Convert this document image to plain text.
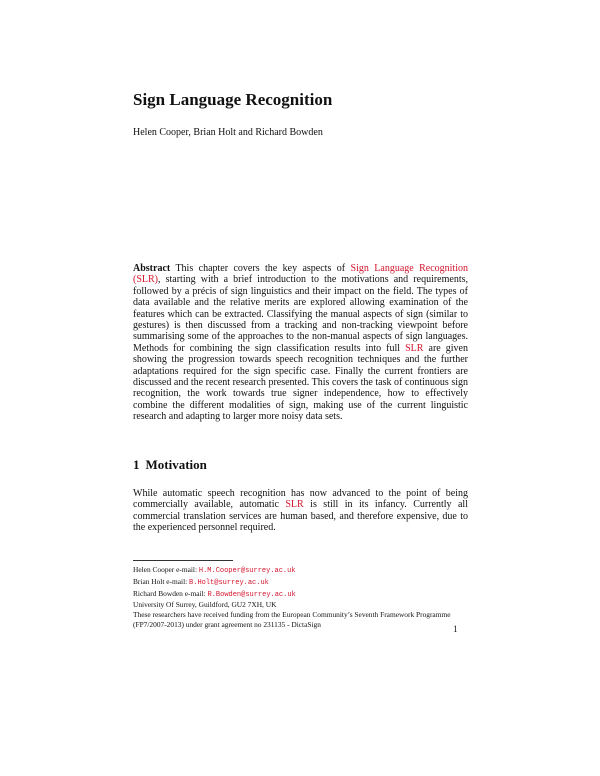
Sign Language Recognition
Helen Cooper, Brian Holt and Richard Bowden
Abstract This chapter covers the key aspects of Sign Language Recognition (SLR), starting with a brief introduction to the motivations and requirements, followed by a précis of sign linguistics and their impact on the field. The types of data available and the relative merits are explored allowing examination of the features which can be extracted. Classifying the manual aspects of sign (similar to gestures) is then discussed from a tracking and non-tracking viewpoint before summarising some of the approaches to the non-manual aspects of sign languages. Methods for combining the sign classification results into full SLR are given showing the progression towards speech recognition techniques and the further adaptations required for the sign specific case. Finally the current frontiers are discussed and the recent research presented. This covers the task of continuous sign recognition, the work towards true signer independence, how to effectively combine the different modalities of sign, making use of the current linguistic research and adapting to larger more noisy data sets.
1 Motivation
While automatic speech recognition has now advanced to the point of being commercially available, automatic SLR is still in its infancy. Currently all commercial translation services are human based, and therefore expensive, due to the experienced personnel required.
Helen Cooper e-mail: H.M.Cooper@surrey.ac.uk
Brian Holt e-mail: B.Holt@surrey.ac.uk
Richard Bowden e-mail: R.Bowden@surrey.ac.uk
University Of Surrey, Guildford, GU2 7XH, UK
These researchers have received funding from the European Community’s Seventh Framework Programme (FP7/2007-2013) under grant agreement no 231135 - DictaSign	1
